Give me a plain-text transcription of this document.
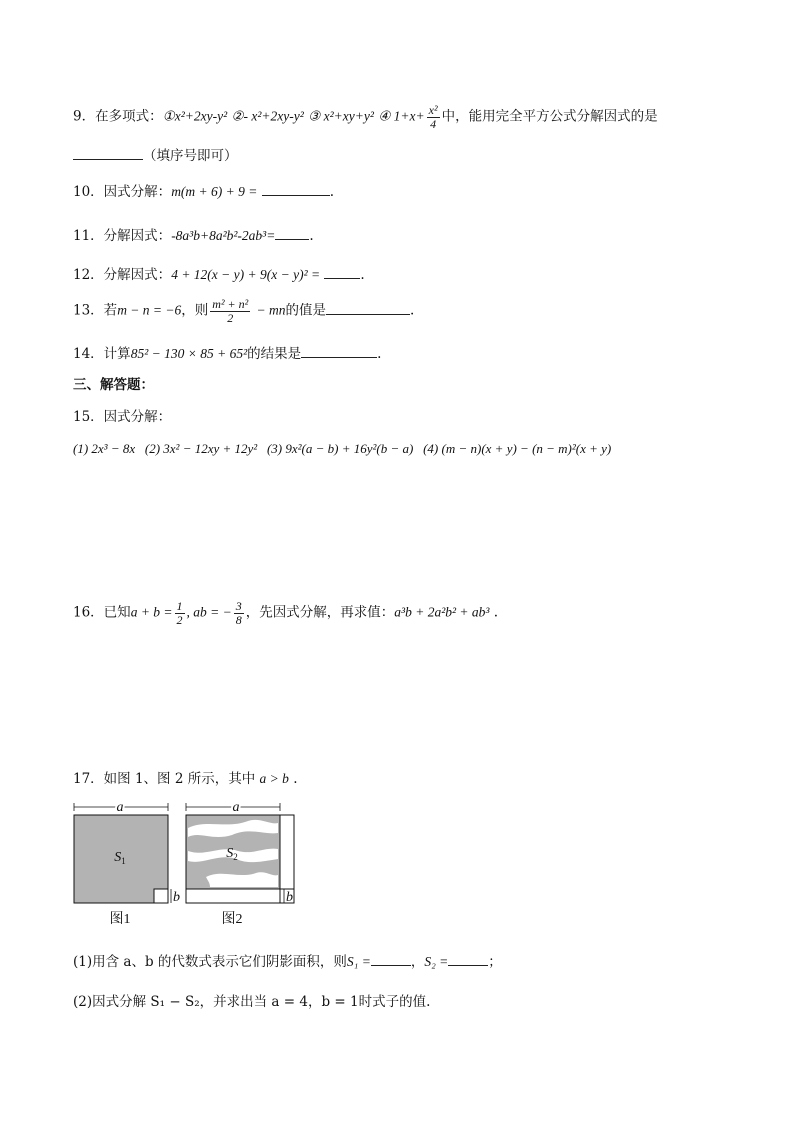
9．在多项式：①x²+2xy-y² ②- x²+2xy-y² ③ x²+xy+y² ④ $1+x+ \frac{\text{x²}}{4}$ 中，能用完全平方公式分解因式的是
（填序号即可）
10．因式分解：m(m + 6) + 9 =	.
11．分解因式：-8a³b+8a²b²-2ab³=	.
12．分解因式：4 + 12(x − y) + 9(x − y)² =	.
13．若m − n = −6，则 $\frac{\text{m² + n²}}{2}$ − mn的值是	.
14．计算85² − 130 × 85 + 65²的结果是	.
三、解答题：
15．因式分解：
(1) 2x³ − 8x (2) 3x² − 12xy + 12y² (3) 9x²(a − b) + 16y²(b − a) (4) (m − n)(x + y) − (n − m)²(x + y)
16．已知$a + b = \frac{1}{2}$ , ab = − $\frac{3}{8}$ ，先因式分解，再求值：a³b + 2a²b² + ab³ .
17．如图 1、图 2 所示，其中 a > b .
a
$S_1$
b
图1
a
$S_2$
b
图2
(1)用含 a、b 的代数式表示它们阴影面积，则S₁ =	，S₂ =	；
(2)因式分解 S₁ − S₂，并求出当 a = 4，b = 1时式子的值.
